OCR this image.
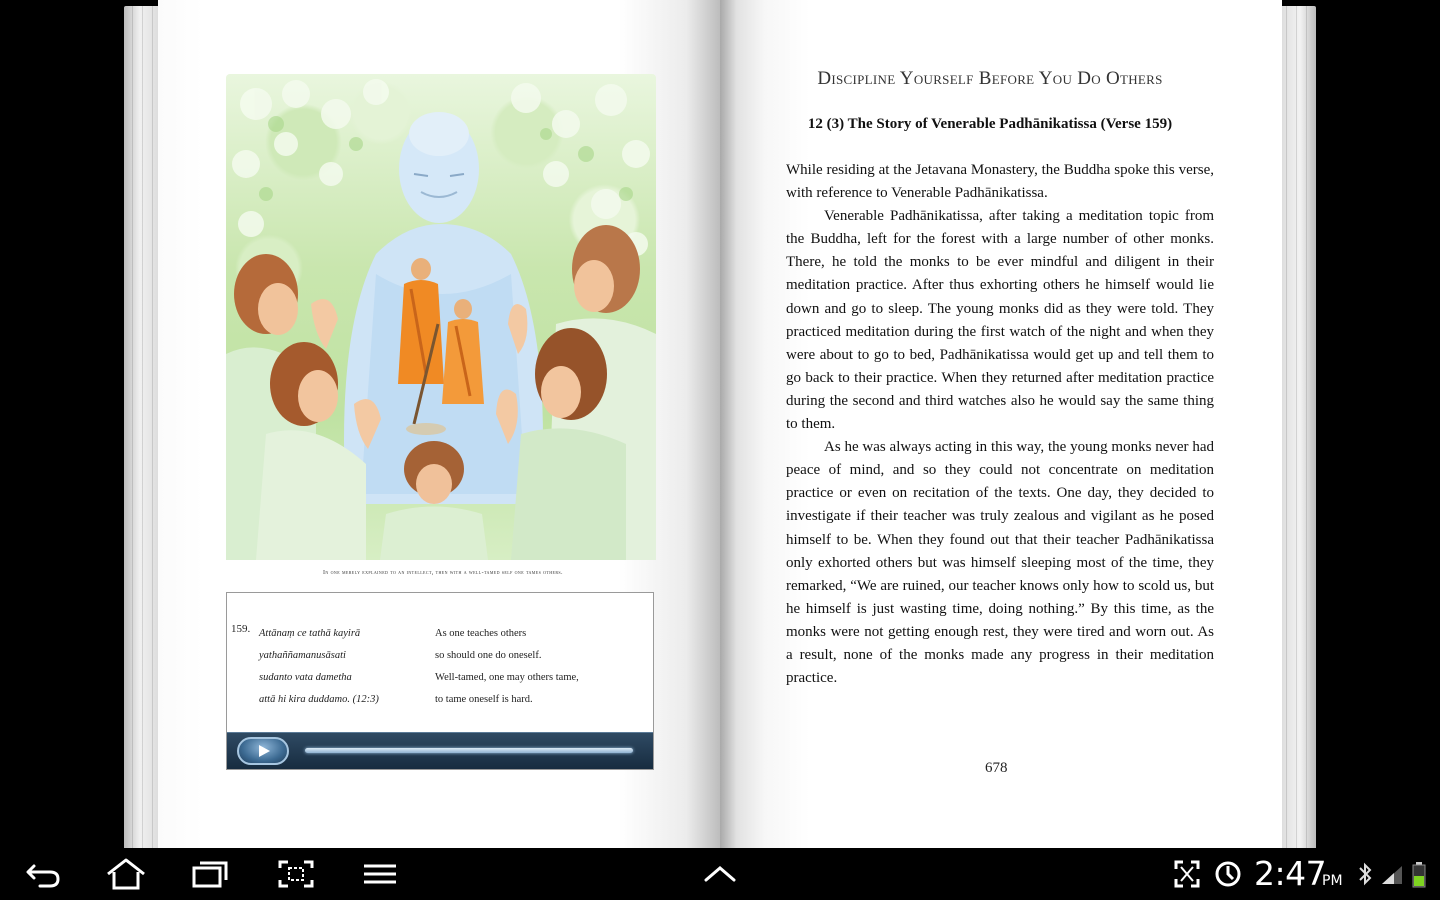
In one merely explained to an intellect, then with a well-tamed self one tames others.
159. Attānaṃ ce tathā kayirā
yathaññamanusāsati
sudanto vata dametha
attā hi kira duddamo. (12:3)
As one teaches others
so should one do oneself.
Well-tamed, one may others tame,
to tame oneself is hard.
Discipline Yourself Before You Do Others
12 (3) The Story of Venerable Padhānikatissa (Verse 159)

While residing at the Jetavana Monastery, the Buddha spoke this verse, with reference to Venerable Padhānikatissa.

Venerable Padhānikatissa, after taking a meditation topic from the Buddha, left for the forest with a large number of other monks. There, he told the monks to be ever mindful and diligent in their meditation practice. After thus exhorting others he himself would lie down and go to sleep. The young monks did as they were told. They practiced meditation during the first watch of the night and when they were about to go to bed, Padhānikatissa would get up and tell them to go back to their practice. When they returned after meditation practice during the second and third watches also he would say the same thing to them.

As he was always acting in this way, the young monks never had peace of mind, and so they could not concentrate on meditation practice or even on recitation of the texts. One day, they decided to investigate if their teacher was truly zealous and vigilant as he posed himself to be. When they found out that their teacher Padhānikatissa only exhorted others but was himself sleeping most of the time, they remarked, “We are ruined, our teacher knows only how to scold us, but he himself is just wasting time, doing nothing.” By this time, as the monks were not getting enough rest, they were tired and worn out. As a result, none of the monks made any progress in their meditation practice.

678
2:47
PM
